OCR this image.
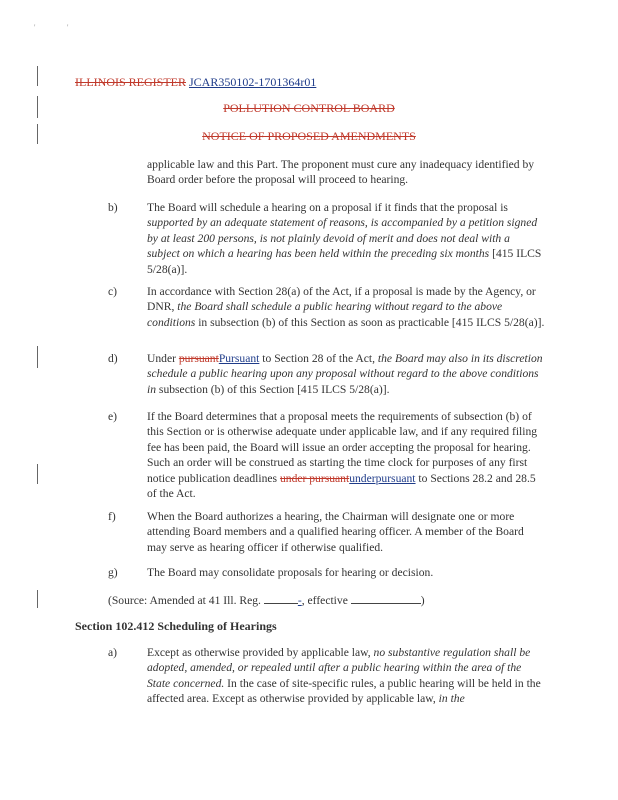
'	'
ILLINOIS REGISTER JCAR350102-1701364r01
POLLUTION CONTROL BOARD
NOTICE OF PROPOSED AMENDMENTS
applicable law and this Part. The proponent must cure any inadequacy identified by Board order before the proposal will proceed to hearing.
b)	The Board will schedule a hearing on a proposal if it finds that the proposal is supported by an adequate statement of reasons, is accompanied by a petition signed by at least 200 persons, is not plainly devoid of merit and does not deal with a subject on which a hearing has been held within the preceding six months [415 ILCS 5/28(a)].
c)	In accordance with Section 28(a) of the Act, if a proposal is made by the Agency, or DNR, the Board shall schedule a public hearing without regard to the above conditions in subsection (b) of this Section as soon as practicable [415 ILCS 5/28(a)].
d)	Under pursuantPursuant to Section 28 of the Act, the Board may also in its discretion schedule a public hearing upon any proposal without regard to the above conditions in subsection (b) of this Section [415 ILCS 5/28(a)].
e)	If the Board determines that a proposal meets the requirements of subsection (b) of this Section or is otherwise adequate under applicable law, and if any required filing fee has been paid, the Board will issue an order accepting the proposal for hearing. Such an order will be construed as starting the time clock for purposes of any first notice publication deadlines under pursuantunderpursuant to Sections 28.2 and 28.5 of the Act.
f)	When the Board authorizes a hearing, the Chairman will designate one or more attending Board members and a qualified hearing officer. A member of the Board may serve as hearing officer if otherwise qualified.
g)	The Board may consolidate proposals for hearing or decision.
(Source: Amended at 41 Ill. Reg.	-, effective	)
Section 102.412 Scheduling of Hearings
a)	Except as otherwise provided by applicable law, no substantive regulation shall be adopted, amended, or repealed until after a public hearing within the area of the State concerned. In the case of site-specific rules, a public hearing will be held in the affected area. Except as otherwise provided by applicable law, in the
